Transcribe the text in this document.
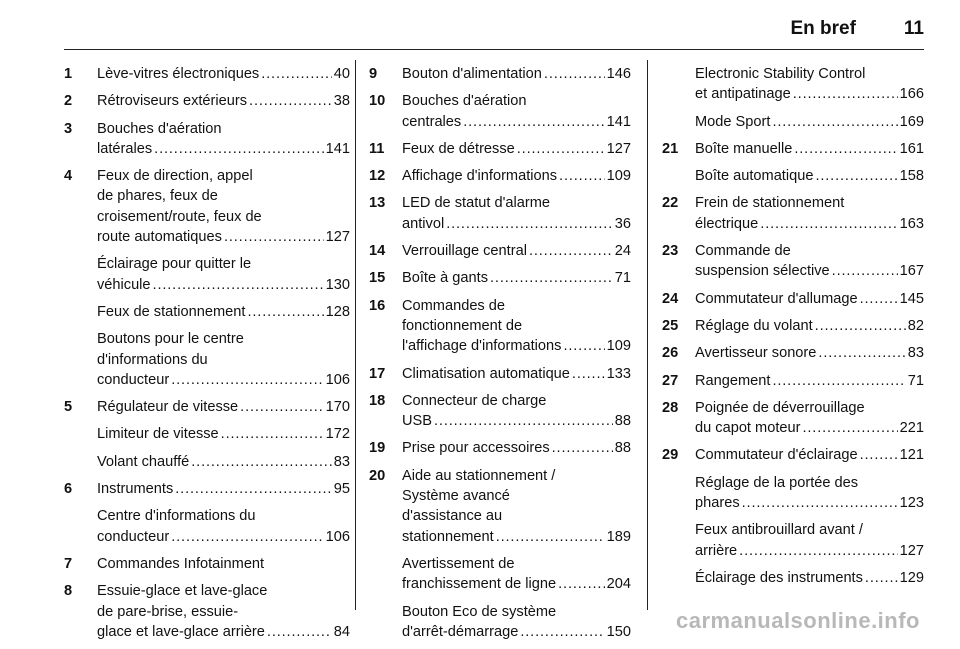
En bref	11
1 Lève-vitres électroniques . . .	40
2 Rétroviseurs extérieurs . . .	38
3 Bouches d'aération
latérales . . .	141
4 Feux de direction, appel
de phares, feux de
croisement/route, feux de
route automatiques . . .	127
Éclairage pour quitter le
véhicule . . .	130
Feux de stationnement . . .	128
Boutons pour le centre
d'informations du
conducteur . . .	106
5 Régulateur de vitesse . . .	170
Limiteur de vitesse . . .	172
Volant chauffé . . .	83
6 Instruments . . .	95
Centre d'informations du
conducteur . . .	106
7 Commandes Infotainment
8 Essuie-glace et lave-glace
de pare-brise, essuie-
glace et lave-glace arrière . . .	84
9 Bouton d'alimentation . . .	146
10 Bouches d'aération
centrales . . .	141
11 Feux de détresse . . .	127
12 Affichage d'informations . . .	109
13 LED de statut d'alarme
antivol . . .	36
14 Verrouillage central . . .	24
15 Boîte à gants . . .	71
16 Commandes de
fonctionnement de
l'affichage d'informations . . .	109
17 Climatisation automatique . . .	133
18 Connecteur de charge
USB . . .	88
19 Prise pour accessoires . . .	88
20 Aide au stationnement /
Système avancé
d'assistance au
stationnement . . .	189
Avertissement de
franchissement de ligne . . .	204
Bouton Eco de système
d'arrêt-démarrage . . .	150
Electronic Stability Control
et antipatinage . . .	166
Mode Sport . . .	169
21 Boîte manuelle . . .	161
Boîte automatique . . .	158
22 Frein de stationnement
électrique . . .	163
23 Commande de
suspension sélective . . .	167
24 Commutateur d'allumage . . .	145
25 Réglage du volant . . .	82
26 Avertisseur sonore . . .	83
27 Rangement . . .	71
28 Poignée de déverrouillage
du capot moteur . . .	221
29 Commutateur d'éclairage . . .	121
Réglage de la portée des
phares . . .	123
Feux antibrouillard avant /
arrière . . .	127
Éclairage des instruments . . .	129
carmanualsonline.info
